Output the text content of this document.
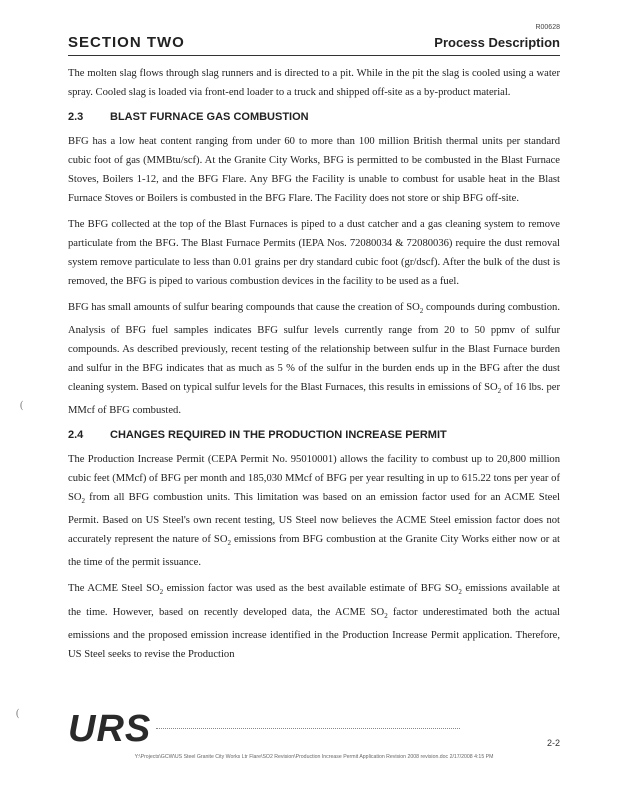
R00628
SECTION TWO	Process Description

The molten slag flows through slag runners and is directed to a pit. While in the pit the slag is cooled using a water spray. Cooled slag is loaded via front-end loader to a truck and shipped off-site as a by-product material.

2.3	BLAST FURNACE GAS COMBUSTION

BFG has a low heat content ranging from under 60 to more than 100 million British thermal units per standard cubic foot of gas (MMBtu/scf). At the Granite City Works, BFG is permitted to be combusted in the Blast Furnace Stoves, Boilers 1-12, and the BFG Flare. Any BFG the Facility is unable to combust for usable heat in the Blast Furnace Stoves or Boilers is combusted in the BFG Flare. The Facility does not store or ship BFG off-site.

The BFG collected at the top of the Blast Furnaces is piped to a dust catcher and a gas cleaning system to remove particulate from the BFG. The Blast Furnace Permits (IEPA Nos. 72080034 & 72080036) require the dust removal system remove particulate to less than 0.01 grains per dry standard cubic foot (gr/dscf). After the bulk of the dust is removed, the BFG is piped to various combustion devices in the facility to be used as a fuel.

BFG has small amounts of sulfur bearing compounds that cause the creation of $SO_2$ compounds during combustion. Analysis of BFG fuel samples indicates BFG sulfur levels currently range from 20 to 50 ppmv of sulfur compounds. As described previously, recent testing of the relationship between sulfur in the Blast Furnace burden and sulfur in the BFG indicates that as much as 5 % of the sulfur in the burden ends up in the BFG after the dust cleaning system. Based on typical sulfur levels for the Blast Furnaces, this results in emissions of $SO_2$ of 16 lbs. per MMcf of BFG combusted.

2.4	CHANGES REQUIRED IN THE PRODUCTION INCREASE PERMIT

The Production Increase Permit (CEPA Permit No. 95010001) allows the facility to combust up to 20,800 million cubic feet (MMcf) of BFG per month and 185,030 MMcf of BFG per year resulting in up to 615.22 tons per year of $SO_2$ from all BFG combustion units. This limitation was based on an emission factor used for an ACME Steel Permit. Based on US Steel's own recent testing, US Steel now believes the ACME Steel emission factor does not accurately represent the nature of $SO_2$ emissions from BFG combustion at the Granite City Works either now or at the time of the permit issuance.

The ACME Steel $SO_2$ emission factor was used as the best available estimate of BFG $SO_2$ emissions available at the time. However, based on recently developed data, the ACME $SO_2$ factor underestimated both the actual emissions and the proposed emission increase identified in the Production Increase Permit application. Therefore, US Steel seeks to revise the Production

(
( URS	2-2
Y:\Projects\GCW\US Steel Granite City Works Ltr Flare\SO2 Revision\Production Increase Permit Application Revision 2008 revision.doc 2/17/2008 4:15 PM
